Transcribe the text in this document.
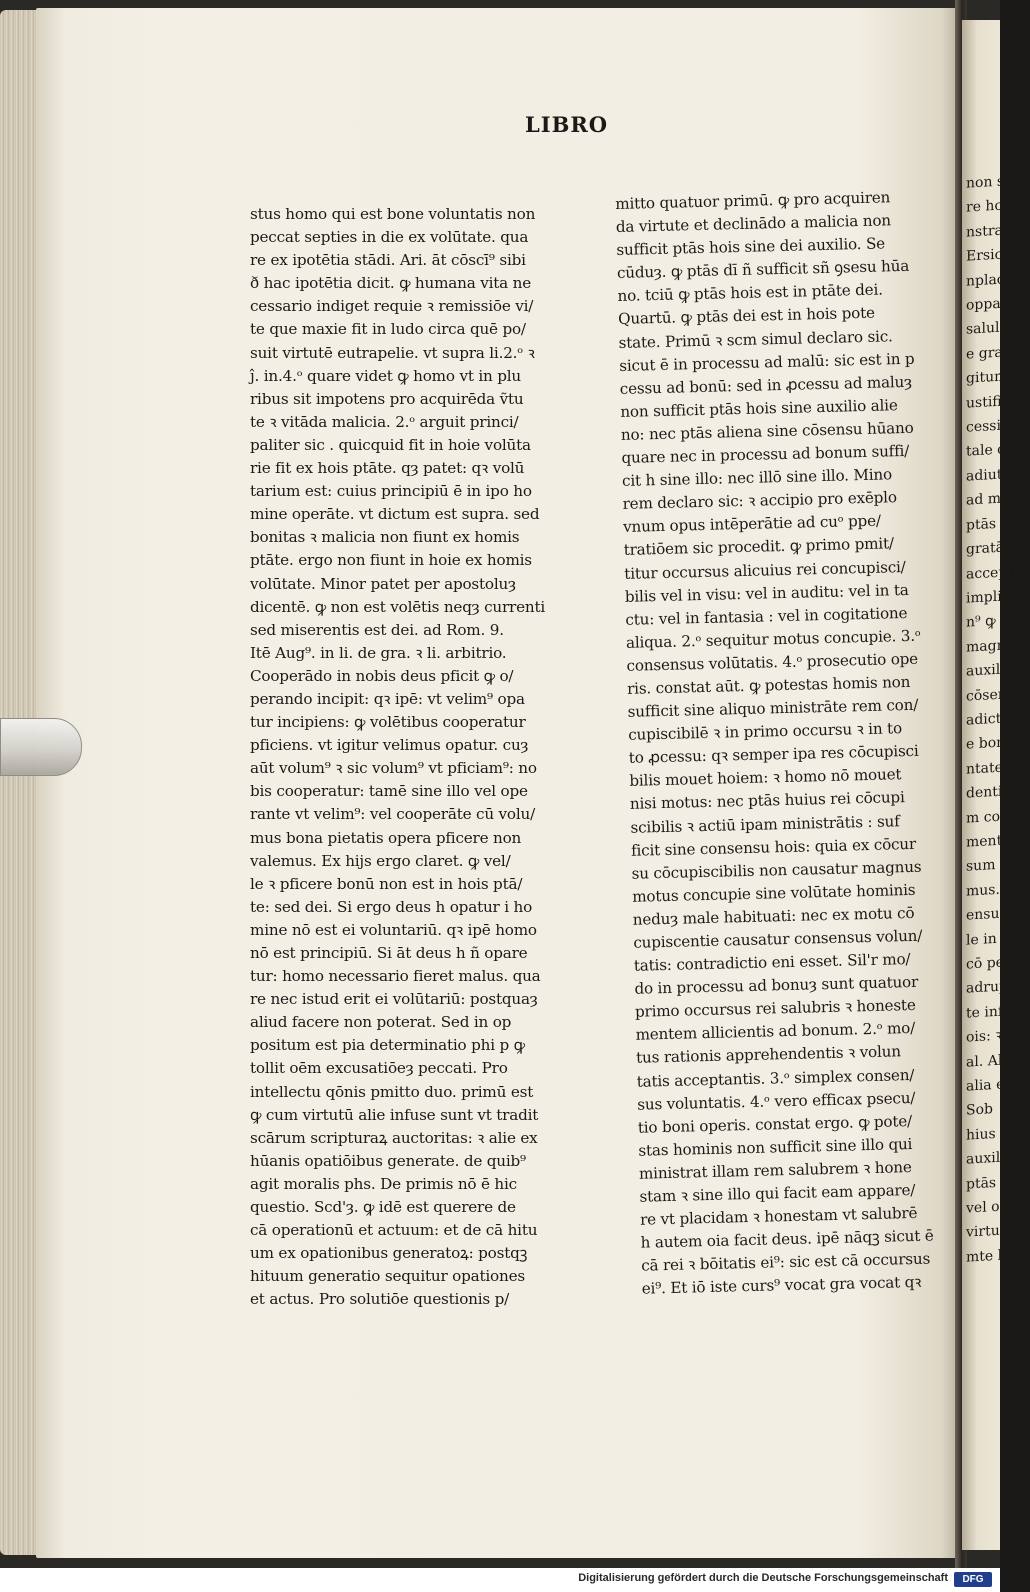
LIBRO
stus homo qui est bone voluntatis non
peccat septies in die ex volūtate. qua
re ex ipotētia stādi. Ari. āt cōscī⁹ sibi
ð hac ipotētia dicit. ꝙ humana vita ne
cessario indiget requie ꝛ remissiōe vi/
te que maxie fit in ludo circa quē po/
suit virtutē eutrapelie. vt supra li.2.ᵒ ꝛ
ĵ. in.4.ᵒ quare videt ꝙ homo vt in plu
ribus sit impotens pro acquirēda ṽtu
te ꝛ vitāda malicia. 2.ᵒ arguit princi/
paliter sic . quicquid fit in hoie volūta
rie fit ex hois ptāte. qȝ patet: qꝛ volū
tarium est: cuius principiū ē in ipo ho
mine operāte. vt dictum est supra. sed
bonitas ꝛ malicia non fiunt ex homis
ptāte. ergo non fiunt in hoie ex homis
volūtate. Minor patet per apostoluȝ
dicentē. ꝙ non est volētis neqȝ currenti
sed miserentis est dei. ad Rom. 9.
Itē Aug⁹. in li. de gra. ꝛ li. arbitrio.
Cooperādo in nobis deus pficit ꝙ o/
perando incipit: qꝛ ipē: vt velim⁹ opa
tur incipiens: ꝙ volētibus cooperatur
pficiens. vt igitur velimus opatur. cuȝ
aūt volum⁹ ꝛ sic volum⁹ vt pficiam⁹: no
bis cooperatur: tamē sine illo vel ope
rante vt velim⁹: vel cooperāte cū volu/
mus bona pietatis opera pficere non
valemus. Ex hijs ergo claret. ꝙ vel/
le ꝛ pficere bonū non est in hois ptā/
te: sed dei. Si ergo deus h opatur i ho
mine nō est ei voluntariū. qꝛ ipē homo
nō est principiū. Si āt deus h ñ opare
tur: homo necessario fieret malus. qua
re nec istud erit ei volūtariū: postquaȝ
aliud facere non poterat. Sed in op
positum est pia determinatio phi p ꝙ
tollit oēm excusatiōeȝ peccati. Pro
intellectu qōnis pmitto duo. primū est
ꝙ cum virtutū alie infuse sunt vt tradit
scārum scripturaꝝ auctoritas: ꝛ alie ex
hūanis opatiōibus generate. de quib⁹
agit moralis phs. De primis nō ē hic
questio. Scd'ȝ. ꝙ idē est querere de
cā operationū et actuum: et de cā hitu
um ex opationibus generatoꝝ: postqꝫ
hituum generatio sequitur opationes
et actus. Pro solutiōe questionis p/
mitto quatuor primū. ꝙ pro acquiren
da virtute et declinādo a malicia non
sufficit ptās hois sine dei auxilio. Se
cūduȝ. ꝙ ptās dī ñ sufficit sñ ꝯsesu hūa
no. tciū ꝙ ptās hois est in ptāte dei.
Quartū. ꝙ ptās dei est in hois pote
state. Primū ꝛ scm simul declaro sic.
sicut ē in processu ad malū: sic est in p
cessu ad bonū: sed in ꝓcessu ad maluȝ
non sufficit ptās hois sine auxilio alie
no: nec ptās aliena sine cōsensu hūano
quare nec in processu ad bonum suffi/
cit h sine illo: nec illō sine illo. Mino
rem declaro sic: ꝛ accipio pro exēplo
vnum opus intēperātie ad cuᵒ ppe/
tratiōem sic procedit. ꝙ primo pmit/
titur occursus alicuius rei concupisci/
bilis vel in visu: vel in auditu: vel in ta
ctu: vel in fantasia : vel in cogitatione
aliqua. 2.ᵒ sequitur motus concupie. 3.ᵒ
consensus volūtatis. 4.ᵒ prosecutio ope
ris. constat aūt. ꝙ potestas homis non
sufficit sine aliquo ministrāte rem con/
cupiscibilē ꝛ in primo occursu ꝛ in to
to ꝓcessu: qꝛ semper ipa res cōcupisci
bilis mouet hoiem: ꝛ homo nō mouet
nisi motus: nec ptās huius rei cōcupi
scibilis ꝛ actiū ipam ministrātis : suf
ficit sine consensu hois: quia ex cōcur
su cōcupiscibilis non causatur magnus
motus concupie sine volūtate hominis
neduȝ male habituati: nec ex motu cō
cupiscentie causatur consensus volun/
tatis: contradictio eni esset. Sil'r mo/
do in processu ad bonuȝ sunt quatuor
primo occursus rei salubris ꝛ honeste
mentem allicientis ad bonum. 2.ᵒ mo/
tus rationis apprehendentis ꝛ volun
tatis acceptantis. 3.ᵒ simplex consen/
sus voluntatis. 4.ᵒ vero efficax psecu/
tio boni operis. constat ergo. ꝙ pote/
stas hominis non sufficit sine illo qui
ministrat illam rem salubrem ꝛ hone
stam ꝛ sine illo qui facit eam appare/
re vt placidam ꝛ honestam vt salubrē
h autem oia facit deus. ipē nāqꝫ sicut ē
cā rei ꝛ bōitatis ei⁹: sic est cā occursus
ei⁹. Et iō iste curs⁹ vocat gra vocat qꝛ
non su
re hoi
nstra
Ersic
nplac
oppar
salul
e grat
gitum
ustifica
cessit
tale cons
adiutori
ad mo
ptās ho
gratā p
acceptr
implicite
n⁹ ꝙ
magn⁹
auxilio
cōsen
adictio
e bona
ntatem
dentiu
m cons
mento
sum hū
mus. Qu
ensu hi
le in u
cō per
adrupl
te infe
ois: ꝛ
al. Alt
alia eff
Sob
hius ho
auxilio
ptās h
vel o
virtut
mte lux
Digitalisierung gefördert durch die Deutsche Forschungsgemeinschaft	DFG
